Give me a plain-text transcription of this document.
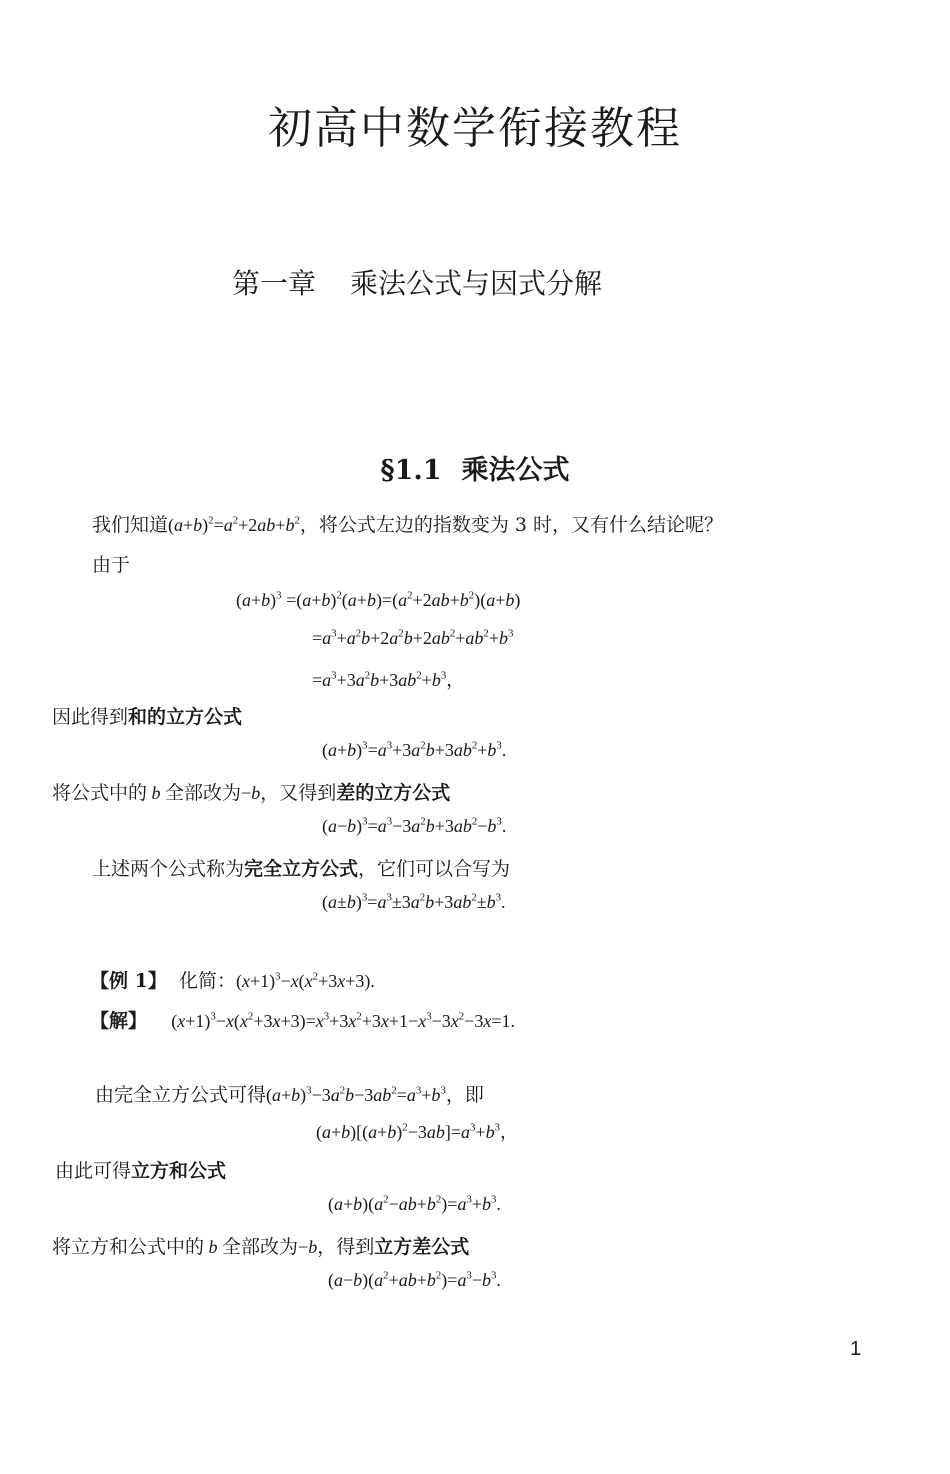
初高中数学衔接教程
第一章 乘法公式与因式分解
§1.1 乘法公式
我们知道$(a+b)^2=a^2+2ab+b^2$，将公式左边的指数变为 3 时，又有什么结论呢？
由于
$(a+b)^3 =(a+b)^2(a+b)=(a^2+2ab+b^2)(a+b)$
$=a^3+a^2b+2a^2b+2ab^2+ab^2+b^3$
$=a^3+3a^2b+3ab^2+b^3$，
因此得到和的立方公式
$(a+b)^3=a^3+3a^2b+3ab^2+b^3$.
将公式中的 b 全部改为−b，又得到差的立方公式
$(a-b)^3=a^3-3a^2b+3ab^2-b^3$.
上述两个公式称为完全立方公式，它们可以合写为
$(a\pm b)^3=a^3\pm 3a^2b+3ab^2\pm b^3$.
【例 1】 化简：$(x+1)^3-x(x^2+3x+3)$.
【解】 $(x+1)^3-x(x^2+3x+3)=x^3+3x^2+3x+1-x^3-3x^2-3x=1$.
由完全立方公式可得$(a+b)^3-3a^2b-3ab^2=a^3+b^3$，即
$(a+b)[(a+b)^2-3ab]=a^3+b^3$，
由此可得立方和公式
$(a+b)(a^2-ab+b^2)=a^3+b^3$.
将立方和公式中的 b 全部改为−b，得到立方差公式
$(a-b)(a^2+ab+b^2)=a^3-b^3$.
1
